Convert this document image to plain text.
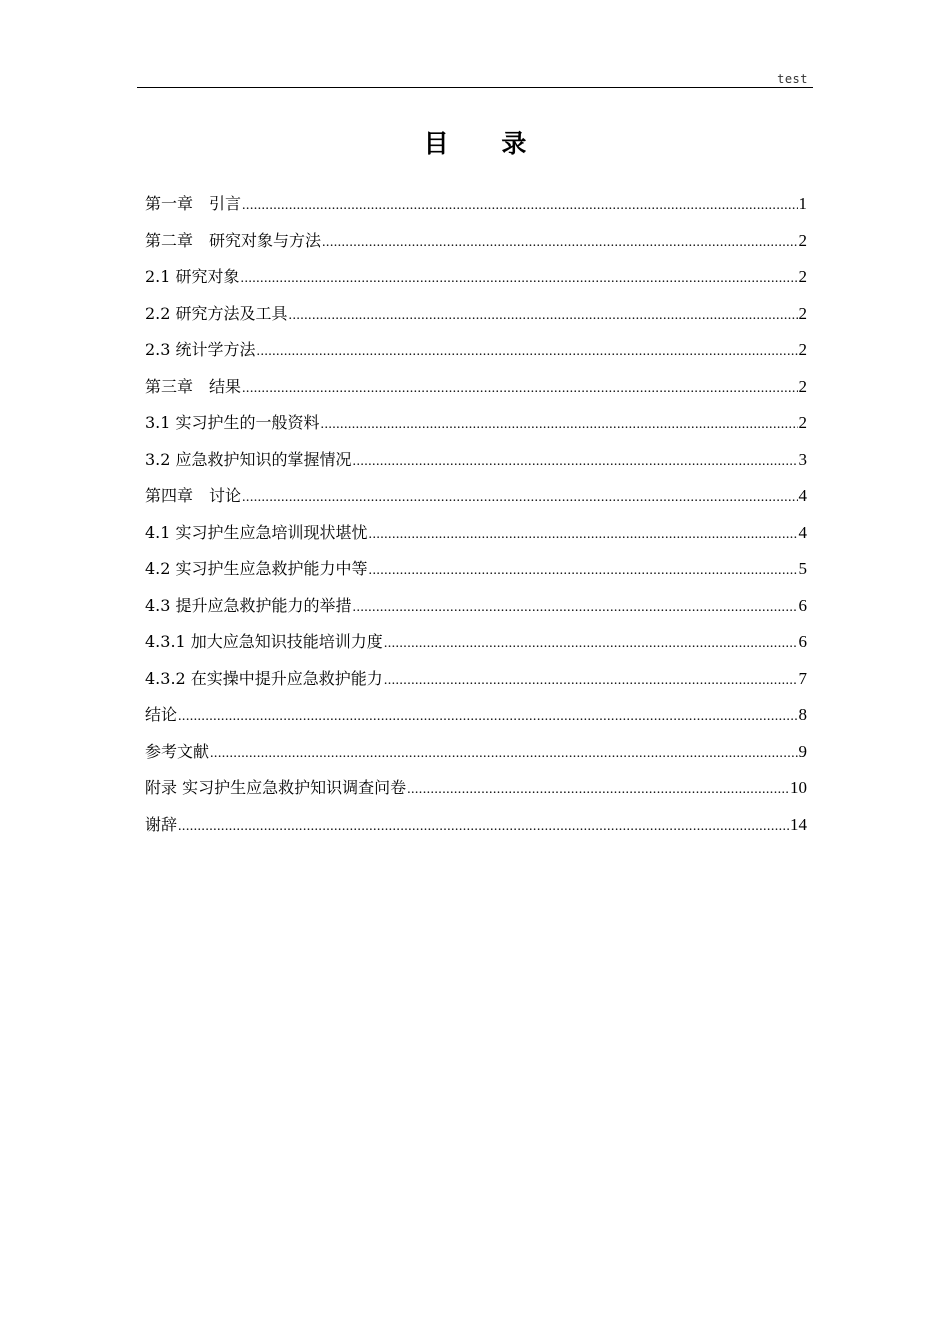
test
目 录
第一章　引言 .....	1
第二章　研究对象与方法 .....	2
2.1 研究对象 .....	2
2.2 研究方法及工具 .....	2
2.3 统计学方法 .....	2
第三章　结果 .....	2
3.1 实习护生的一般资料 .....	2
3.2 应急救护知识的掌握情况 .....	3
第四章　讨论 .....	4
4.1 实习护生应急培训现状堪忧 .....	4
4.2 实习护生应急救护能力中等 .....	5
4.3 提升应急救护能力的举措 .....	6
4.3.1 加大应急知识技能培训力度 .....	6
4.3.2 在实操中提升应急救护能力 .....	7
结论 .....	8
参考文献 .....	9
附录 实习护生应急救护知识调查问卷 .....	10
谢辞 .....	14
